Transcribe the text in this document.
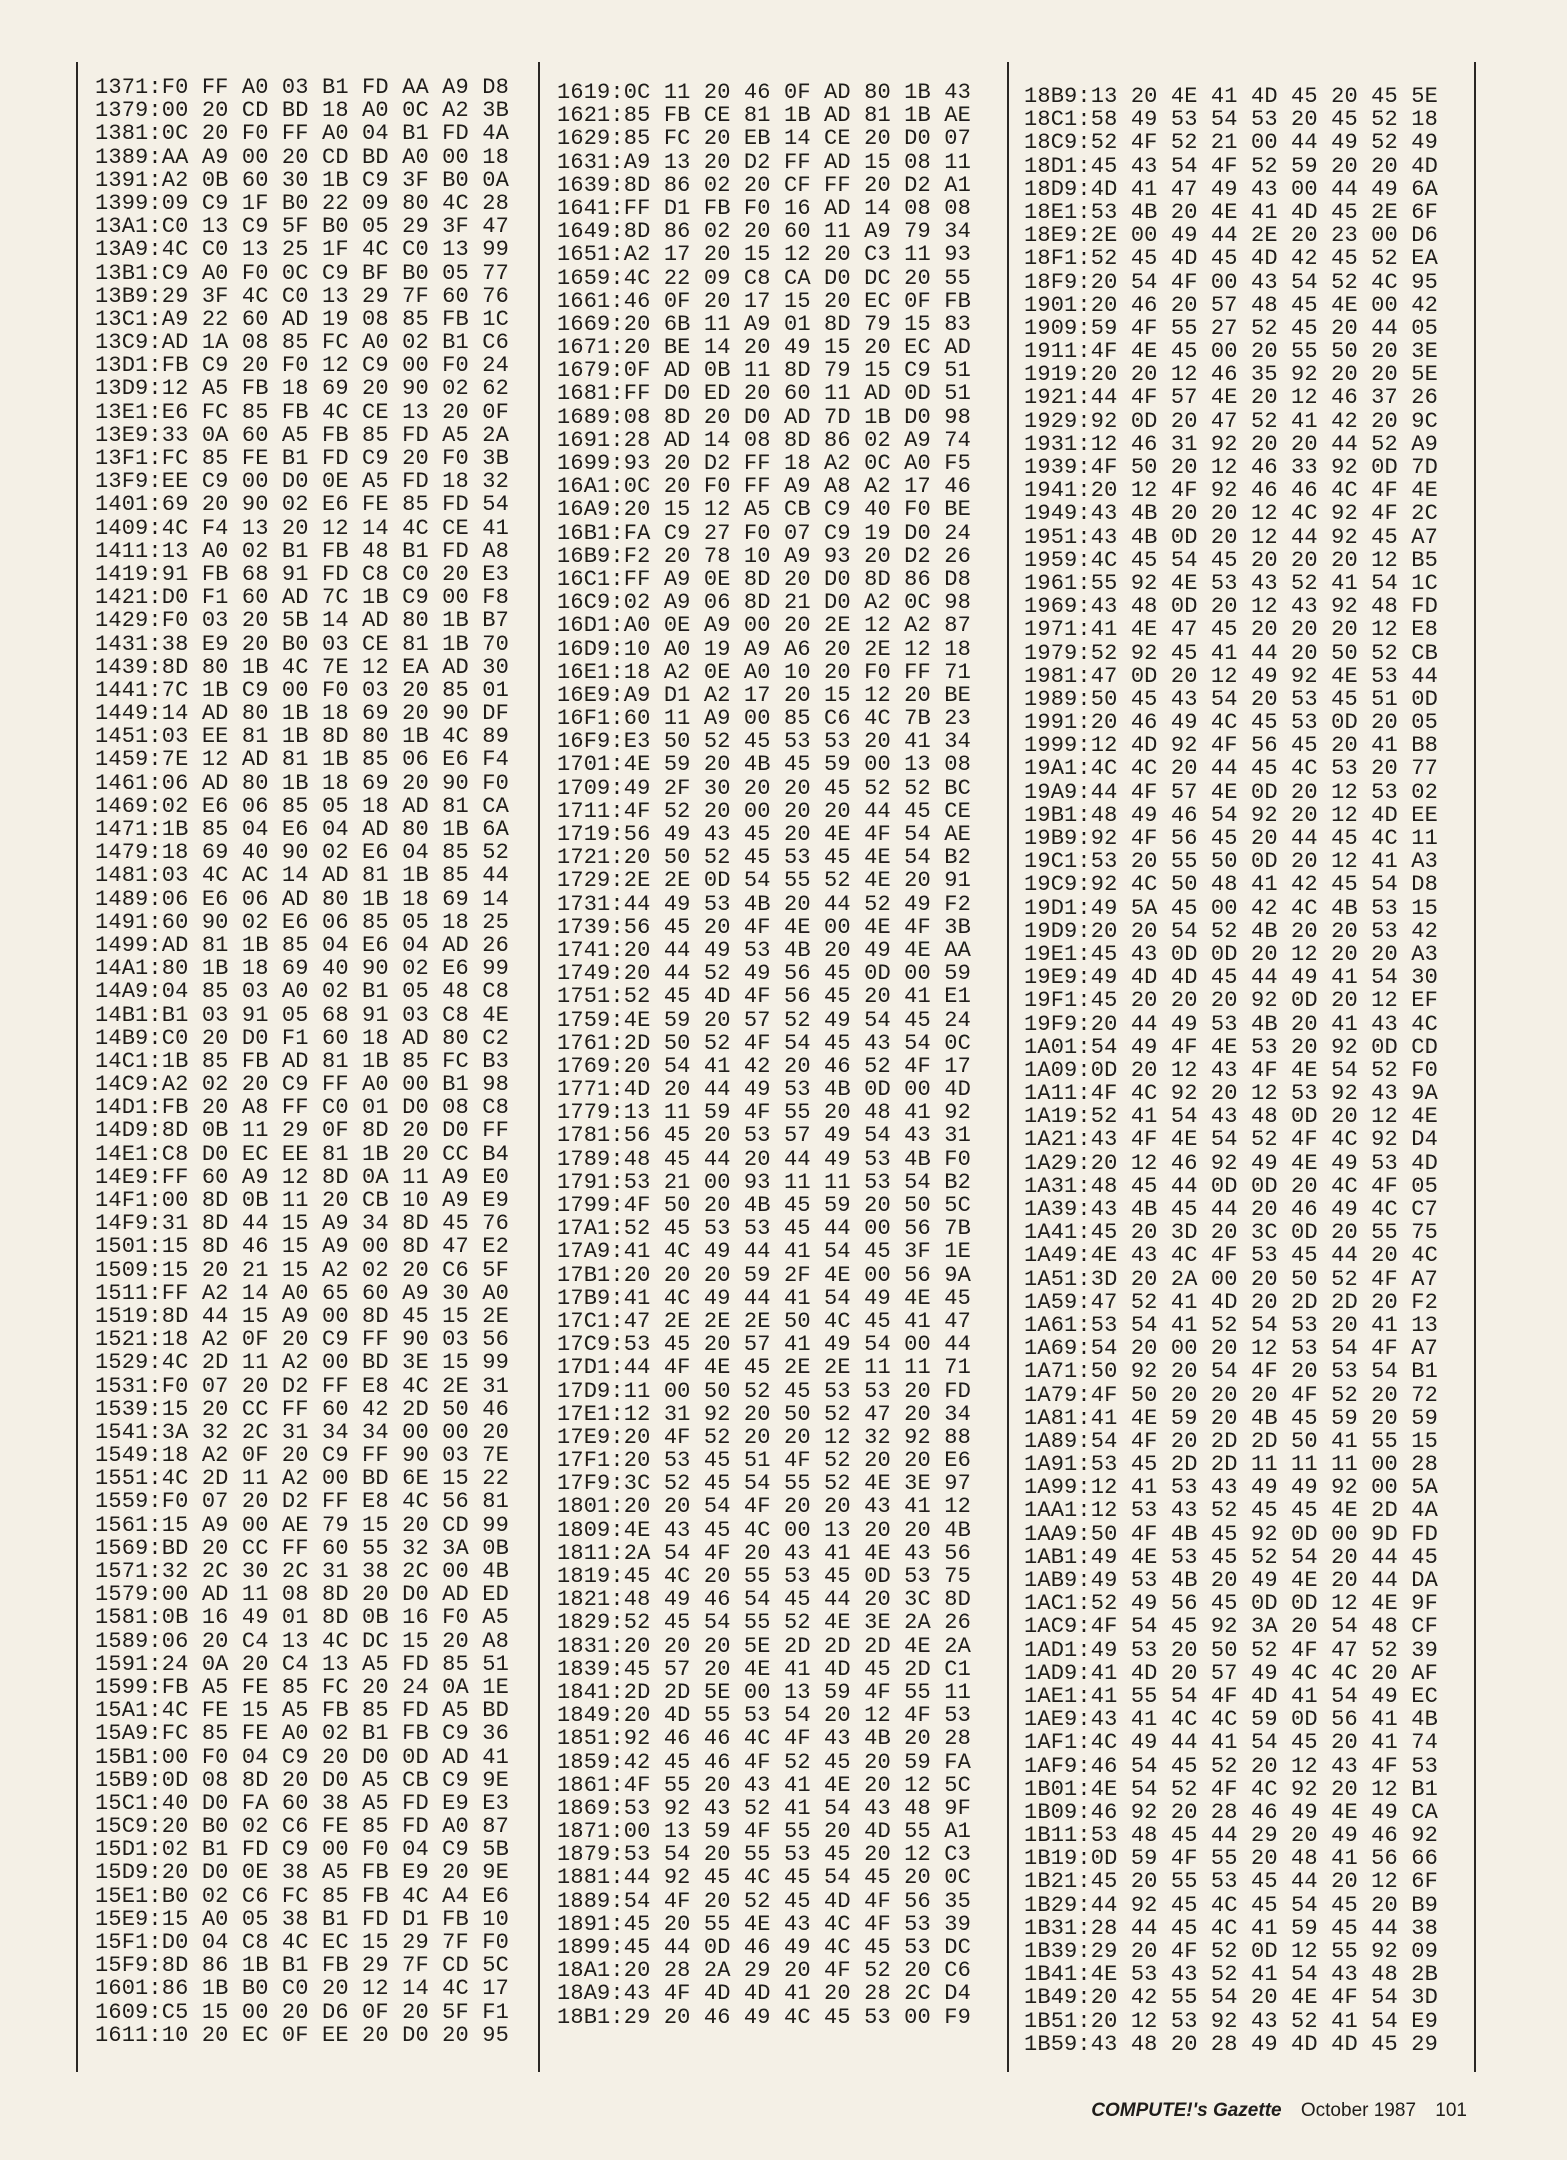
1371:F0 FF A0 03 B1 FD AA A9 D8
1379:00 20 CD BD 18 A0 0C A2 3B
1381:0C 20 F0 FF A0 04 B1 FD 4A
1389:AA A9 00 20 CD BD A0 00 18
1391:A2 0B 60 30 1B C9 3F B0 0A
1399:09 C9 1F B0 22 09 80 4C 28
13A1:C0 13 C9 5F B0 05 29 3F 47
13A9:4C C0 13 25 1F 4C C0 13 99
13B1:C9 A0 F0 0C C9 BF B0 05 77
13B9:29 3F 4C C0 13 29 7F 60 76
13C1:A9 22 60 AD 19 08 85 FB 1C
13C9:AD 1A 08 85 FC A0 02 B1 C6
13D1:FB C9 20 F0 12 C9 00 F0 24
13D9:12 A5 FB 18 69 20 90 02 62
13E1:E6 FC 85 FB 4C CE 13 20 0F
13E9:33 0A 60 A5 FB 85 FD A5 2A
13F1:FC 85 FE B1 FD C9 20 F0 3B
13F9:EE C9 00 D0 0E A5 FD 18 32
1401:69 20 90 02 E6 FE 85 FD 54
1409:4C F4 13 20 12 14 4C CE 41
1411:13 A0 02 B1 FB 48 B1 FD A8
1419:91 FB 68 91 FD C8 C0 20 E3
1421:D0 F1 60 AD 7C 1B C9 00 F8
1429:F0 03 20 5B 14 AD 80 1B B7
1431:38 E9 20 B0 03 CE 81 1B 70
1439:8D 80 1B 4C 7E 12 EA AD 30
1441:7C 1B C9 00 F0 03 20 85 01
1449:14 AD 80 1B 18 69 20 90 DF
1451:03 EE 81 1B 8D 80 1B 4C 89
1459:7E 12 AD 81 1B 85 06 E6 F4
1461:06 AD 80 1B 18 69 20 90 F0
1469:02 E6 06 85 05 18 AD 81 CA
1471:1B 85 04 E6 04 AD 80 1B 6A
1479:18 69 40 90 02 E6 04 85 52
1481:03 4C AC 14 AD 81 1B 85 44
1489:06 E6 06 AD 80 1B 18 69 14
1491:60 90 02 E6 06 85 05 18 25
1499:AD 81 1B 85 04 E6 04 AD 26
14A1:80 1B 18 69 40 90 02 E6 99
14A9:04 85 03 A0 02 B1 05 48 C8
14B1:B1 03 91 05 68 91 03 C8 4E
14B9:C0 20 D0 F1 60 18 AD 80 C2
14C1:1B 85 FB AD 81 1B 85 FC B3
14C9:A2 02 20 C9 FF A0 00 B1 98
14D1:FB 20 A8 FF C0 01 D0 08 C8
14D9:8D 0B 11 29 0F 8D 20 D0 FF
14E1:C8 D0 EC EE 81 1B 20 CC B4
14E9:FF 60 A9 12 8D 0A 11 A9 E0
14F1:00 8D 0B 11 20 CB 10 A9 E9
14F9:31 8D 44 15 A9 34 8D 45 76
1501:15 8D 46 15 A9 00 8D 47 E2
1509:15 20 21 15 A2 02 20 C6 5F
1511:FF A2 14 A0 65 60 A9 30 A0
1519:8D 44 15 A9 00 8D 45 15 2E
1521:18 A2 0F 20 C9 FF 90 03 56
1529:4C 2D 11 A2 00 BD 3E 15 99
1531:F0 07 20 D2 FF E8 4C 2E 31
1539:15 20 CC FF 60 42 2D 50 46
1541:3A 32 2C 31 34 34 00 00 20
1549:18 A2 0F 20 C9 FF 90 03 7E
1551:4C 2D 11 A2 00 BD 6E 15 22
1559:F0 07 20 D2 FF E8 4C 56 81
1561:15 A9 00 AE 79 15 20 CD 99
1569:BD 20 CC FF 60 55 32 3A 0B
1571:32 2C 30 2C 31 38 2C 00 4B
1579:00 AD 11 08 8D 20 D0 AD ED
1581:0B 16 49 01 8D 0B 16 F0 A5
1589:06 20 C4 13 4C DC 15 20 A8
1591:24 0A 20 C4 13 A5 FD 85 51
1599:FB A5 FE 85 FC 20 24 0A 1E
15A1:4C FE 15 A5 FB 85 FD A5 BD
15A9:FC 85 FE A0 02 B1 FB C9 36
15B1:00 F0 04 C9 20 D0 0D AD 41
15B9:0D 08 8D 20 D0 A5 CB C9 9E
15C1:40 D0 FA 60 38 A5 FD E9 E3
15C9:20 B0 02 C6 FE 85 FD A0 87
15D1:02 B1 FD C9 00 F0 04 C9 5B
15D9:20 D0 0E 38 A5 FB E9 20 9E
15E1:B0 02 C6 FC 85 FB 4C A4 E6
15E9:15 A0 05 38 B1 FD D1 FB 10
15F1:D0 04 C8 4C EC 15 29 7F F0
15F9:8D 86 1B B1 FB 29 7F CD 5C
1601:86 1B B0 C0 20 12 14 4C 17
1609:C5 15 00 20 D6 0F 20 5F F1
1611:10 20 EC 0F EE 20 D0 20 95
1619:0C 11 20 46 0F AD 80 1B 43
1621:85 FB CE 81 1B AD 81 1B AE
1629:85 FC 20 EB 14 CE 20 D0 07
1631:A9 13 20 D2 FF AD 15 08 11
1639:8D 86 02 20 CF FF 20 D2 A1
1641:FF D1 FB F0 16 AD 14 08 08
1649:8D 86 02 20 60 11 A9 79 34
1651:A2 17 20 15 12 20 C3 11 93
1659:4C 22 09 C8 CA D0 DC 20 55
1661:46 0F 20 17 15 20 EC 0F FB
1669:20 6B 11 A9 01 8D 79 15 83
1671:20 BE 14 20 49 15 20 EC AD
1679:0F AD 0B 11 8D 79 15 C9 51
1681:FF D0 ED 20 60 11 AD 0D 51
1689:08 8D 20 D0 AD 7D 1B D0 98
1691:28 AD 14 08 8D 86 02 A9 74
1699:93 20 D2 FF 18 A2 0C A0 F5
16A1:0C 20 F0 FF A9 A8 A2 17 46
16A9:20 15 12 A5 CB C9 40 F0 BE
16B1:FA C9 27 F0 07 C9 19 D0 24
16B9:F2 20 78 10 A9 93 20 D2 26
16C1:FF A9 0E 8D 20 D0 8D 86 D8
16C9:02 A9 06 8D 21 D0 A2 0C 98
16D1:A0 0E A9 00 20 2E 12 A2 87
16D9:10 A0 19 A9 A6 20 2E 12 18
16E1:18 A2 0E A0 10 20 F0 FF 71
16E9:A9 D1 A2 17 20 15 12 20 BE
16F1:60 11 A9 00 85 C6 4C 7B 23
16F9:E3 50 52 45 53 53 20 41 34
1701:4E 59 20 4B 45 59 00 13 08
1709:49 2F 30 20 20 45 52 52 BC
1711:4F 52 20 00 20 20 44 45 CE
1719:56 49 43 45 20 4E 4F 54 AE
1721:20 50 52 45 53 45 4E 54 B2
1729:2E 2E 0D 54 55 52 4E 20 91
1731:44 49 53 4B 20 44 52 49 F2
1739:56 45 20 4F 4E 00 4E 4F 3B
1741:20 44 49 53 4B 20 49 4E AA
1749:20 44 52 49 56 45 0D 00 59
1751:52 45 4D 4F 56 45 20 41 E1
1759:4E 59 20 57 52 49 54 45 24
1761:2D 50 52 4F 54 45 43 54 0C
1769:20 54 41 42 20 46 52 4F 17
1771:4D 20 44 49 53 4B 0D 00 4D
1779:13 11 59 4F 55 20 48 41 92
1781:56 45 20 53 57 49 54 43 31
1789:48 45 44 20 44 49 53 4B F0
1791:53 21 00 93 11 11 53 54 B2
1799:4F 50 20 4B 45 59 20 50 5C
17A1:52 45 53 53 45 44 00 56 7B
17A9:41 4C 49 44 41 54 45 3F 1E
17B1:20 20 20 59 2F 4E 00 56 9A
17B9:41 4C 49 44 41 54 49 4E 45
17C1:47 2E 2E 2E 50 4C 45 41 47
17C9:53 45 20 57 41 49 54 00 44
17D1:44 4F 4E 45 2E 2E 11 11 71
17D9:11 00 50 52 45 53 53 20 FD
17E1:12 31 92 20 50 52 47 20 34
17E9:20 4F 52 20 20 12 32 92 88
17F1:20 53 45 51 4F 52 20 20 E6
17F9:3C 52 45 54 55 52 4E 3E 97
1801:20 20 54 4F 20 20 43 41 12
1809:4E 43 45 4C 00 13 20 20 4B
1811:2A 54 4F 20 43 41 4E 43 56
1819:45 4C 20 55 53 45 0D 53 75
1821:48 49 46 54 45 44 20 3C 8D
1829:52 45 54 55 52 4E 3E 2A 26
1831:20 20 20 5E 2D 2D 2D 4E 2A
1839:45 57 20 4E 41 4D 45 2D C1
1841:2D 2D 5E 00 13 59 4F 55 11
1849:20 4D 55 53 54 20 12 4F 53
1851:92 46 46 4C 4F 43 4B 20 28
1859:42 45 46 4F 52 45 20 59 FA
1861:4F 55 20 43 41 4E 20 12 5C
1869:53 92 43 52 41 54 43 48 9F
1871:00 13 59 4F 55 20 4D 55 A1
1879:53 54 20 55 53 45 20 12 C3
1881:44 92 45 4C 45 54 45 20 0C
1889:54 4F 20 52 45 4D 4F 56 35
1891:45 20 55 4E 43 4C 4F 53 39
1899:45 44 0D 46 49 4C 45 53 DC
18A1:20 28 2A 29 20 4F 52 20 C6
18A9:43 4F 4D 4D 41 20 28 2C D4
18B1:29 20 46 49 4C 45 53 00 F9
18B9:13 20 4E 41 4D 45 20 45 5E
18C1:58 49 53 54 53 20 45 52 18
18C9:52 4F 52 21 00 44 49 52 49
18D1:45 43 54 4F 52 59 20 20 4D
18D9:4D 41 47 49 43 00 44 49 6A
18E1:53 4B 20 4E 41 4D 45 2E 6F
18E9:2E 00 49 44 2E 20 23 00 D6
18F1:52 45 4D 45 4D 42 45 52 EA
18F9:20 54 4F 00 43 54 52 4C 95
1901:20 46 20 57 48 45 4E 00 42
1909:59 4F 55 27 52 45 20 44 05
1911:4F 4E 45 00 20 55 50 20 3E
1919:20 20 12 46 35 92 20 20 5E
1921:44 4F 57 4E 20 12 46 37 26
1929:92 0D 20 47 52 41 42 20 9C
1931:12 46 31 92 20 20 44 52 A9
1939:4F 50 20 12 46 33 92 0D 7D
1941:20 12 4F 92 46 46 4C 4F 4E
1949:43 4B 20 20 12 4C 92 4F 2C
1951:43 4B 0D 20 12 44 92 45 A7
1959:4C 45 54 45 20 20 20 12 B5
1961:55 92 4E 53 43 52 41 54 1C
1969:43 48 0D 20 12 43 92 48 FD
1971:41 4E 47 45 20 20 20 12 E8
1979:52 92 45 41 44 20 50 52 CB
1981:47 0D 20 12 49 92 4E 53 44
1989:50 45 43 54 20 53 45 51 0D
1991:20 46 49 4C 45 53 0D 20 05
1999:12 4D 92 4F 56 45 20 41 B8
19A1:4C 4C 20 44 45 4C 53 20 77
19A9:44 4F 57 4E 0D 20 12 53 02
19B1:48 49 46 54 92 20 12 4D EE
19B9:92 4F 56 45 20 44 45 4C 11
19C1:53 20 55 50 0D 20 12 41 A3
19C9:92 4C 50 48 41 42 45 54 D8
19D1:49 5A 45 00 42 4C 4B 53 15
19D9:20 20 54 52 4B 20 20 53 42
19E1:45 43 0D 0D 20 12 20 20 A3
19E9:49 4D 4D 45 44 49 41 54 30
19F1:45 20 20 20 92 0D 20 12 EF
19F9:20 44 49 53 4B 20 41 43 4C
1A01:54 49 4F 4E 53 20 92 0D CD
1A09:0D 20 12 43 4F 4E 54 52 F0
1A11:4F 4C 92 20 12 53 92 43 9A
1A19:52 41 54 43 48 0D 20 12 4E
1A21:43 4F 4E 54 52 4F 4C 92 D4
1A29:20 12 46 92 49 4E 49 53 4D
1A31:48 45 44 0D 0D 20 4C 4F 05
1A39:43 4B 45 44 20 46 49 4C C7
1A41:45 20 3D 20 3C 0D 20 55 75
1A49:4E 43 4C 4F 53 45 44 20 4C
1A51:3D 20 2A 00 20 50 52 4F A7
1A59:47 52 41 4D 20 2D 2D 20 F2
1A61:53 54 41 52 54 53 20 41 13
1A69:54 20 00 20 12 53 54 4F A7
1A71:50 92 20 54 4F 20 53 54 B1
1A79:4F 50 20 20 20 4F 52 20 72
1A81:41 4E 59 20 4B 45 59 20 59
1A89:54 4F 20 2D 2D 50 41 55 15
1A91:53 45 2D 2D 11 11 11 00 28
1A99:12 41 53 43 49 49 92 00 5A
1AA1:12 53 43 52 45 45 4E 2D 4A
1AA9:50 4F 4B 45 92 0D 00 9D FD
1AB1:49 4E 53 45 52 54 20 44 45
1AB9:49 53 4B 20 49 4E 20 44 DA
1AC1:52 49 56 45 0D 0D 12 4E 9F
1AC9:4F 54 45 92 3A 20 54 48 CF
1AD1:49 53 20 50 52 4F 47 52 39
1AD9:41 4D 20 57 49 4C 4C 20 AF
1AE1:41 55 54 4F 4D 41 54 49 EC
1AE9:43 41 4C 4C 59 0D 56 41 4B
1AF1:4C 49 44 41 54 45 20 41 74
1AF9:46 54 45 52 20 12 43 4F 53
1B01:4E 54 52 4F 4C 92 20 12 B1
1B09:46 92 20 28 46 49 4E 49 CA
1B11:53 48 45 44 29 20 49 46 92
1B19:0D 59 4F 55 20 48 41 56 66
1B21:45 20 55 53 45 44 20 12 6F
1B29:44 92 45 4C 45 54 45 20 B9
1B31:28 44 45 4C 41 59 45 44 38
1B39:29 20 4F 52 0D 12 55 92 09
1B41:4E 53 43 52 41 54 43 48 2B
1B49:20 42 55 54 20 4E 4F 54 3D
1B51:20 12 53 92 43 52 41 54 E9
1B59:43 48 20 28 49 4D 4D 45 29
COMPUTE!'s Gazette October 1987 101
